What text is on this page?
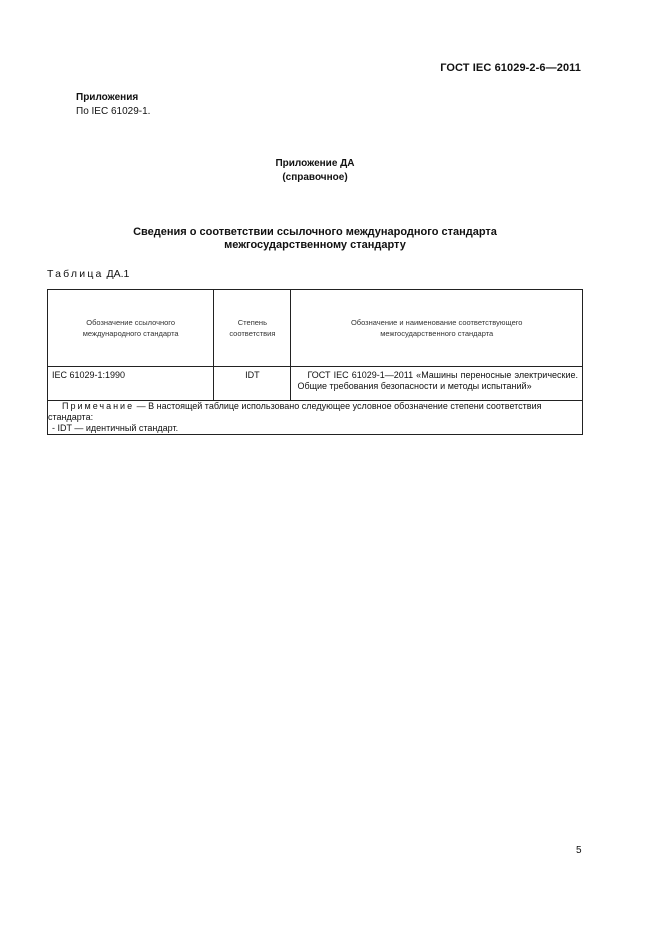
ГОСТ IEC 61029-2-6—2011
Приложения
По IEC 61029-1.
Приложение ДА
(справочное)
Сведения о соответствии ссылочного международного стандарта
межгосударственному стандарту
Таблица ДА.1
Обозначение ссылочного международного стандарта	Степень соответствия	Обозначение и наименование соответствующего межгосударственного стандарта

IEC 61029-1:1990	IDT	ГОСТ IEC 61029-1—2011 «Машины переносные электрические. Общие требования безопасности и методы испытаний»

Примечание — В настоящей таблице использовано следующее условное обозначение степени соответствия стандарта:
- IDT — идентичный стандарт.		
5
